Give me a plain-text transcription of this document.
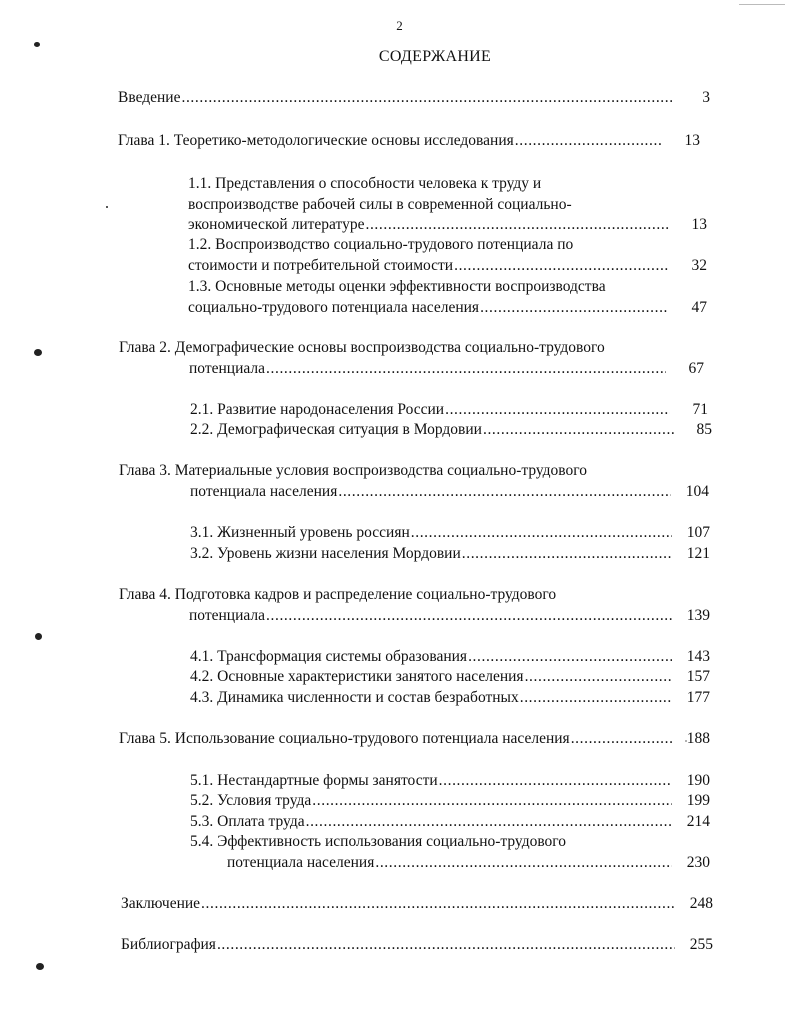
2
СОДЕРЖАНИЕ
Введение .....	3
Глава 1. Теоретико-методологические основы исследования .....	13
1.1. Представления о способности человека к труду и
воспроизводстве рабочей силы в современной социально-
экономической литературе .....	13
1.2. Воспроизводство социально-трудового потенциала по
стоимости и потребительной стоимости .....	32
1.3. Основные методы оценки эффективности воспроизводства
социально-трудового потенциала населения .....	47
Глава 2. Демографические основы воспроизводства социально-трудового
потенциала .....	67
2.1. Развитие народонаселения России .....	71
2.2. Демографическая ситуация в Мордовии .....	85
Глава 3. Материальные условия воспроизводства социально-трудового
потенциала населения .....	104
3.1. Жизненный уровень россиян .....	107
3.2. Уровень жизни населения Мордовии .....	121
Глава 4. Подготовка кадров и распределение социально-трудового
потенциала .....	139
4.1. Трансформация системы образования .....	143
4.2. Основные характеристики занятого населения .....	157
4.3. Динамика численности и состав безработных .....	177
Глава 5. Использование социально-трудового потенциала населения .....	188
5.1. Нестандартные формы занятости .....	190
5.2. Условия труда .....	199
5.3. Оплата труда .....	214
5.4. Эффективность использования социально-трудового
потенциала населения .....	230
Заключение .....	248
Библиография .....	255
